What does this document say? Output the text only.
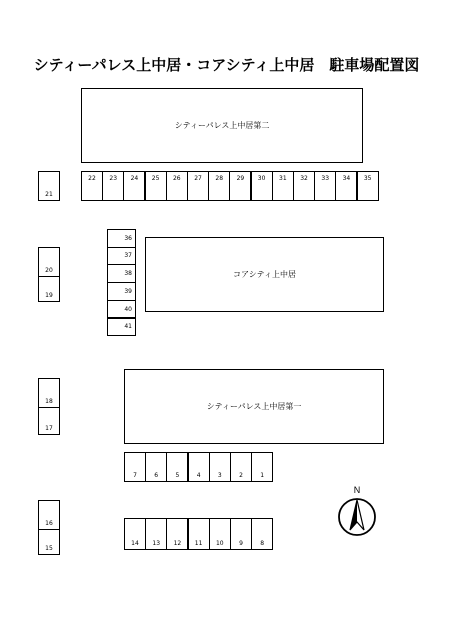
シティーパレス上中居・コアシティ上中居　駐車場配置図
シティーパレス上中居第二
22	23	24	25	26	27	28	29	30	31	32	33	34	35
21
36
37
38
39
40
41
コアシティ上中居
20
19
18
17
シティーパレス上中居第一
7	6	5	4	3	2	1
16
15
14	13	12	11	10	9	8
N
